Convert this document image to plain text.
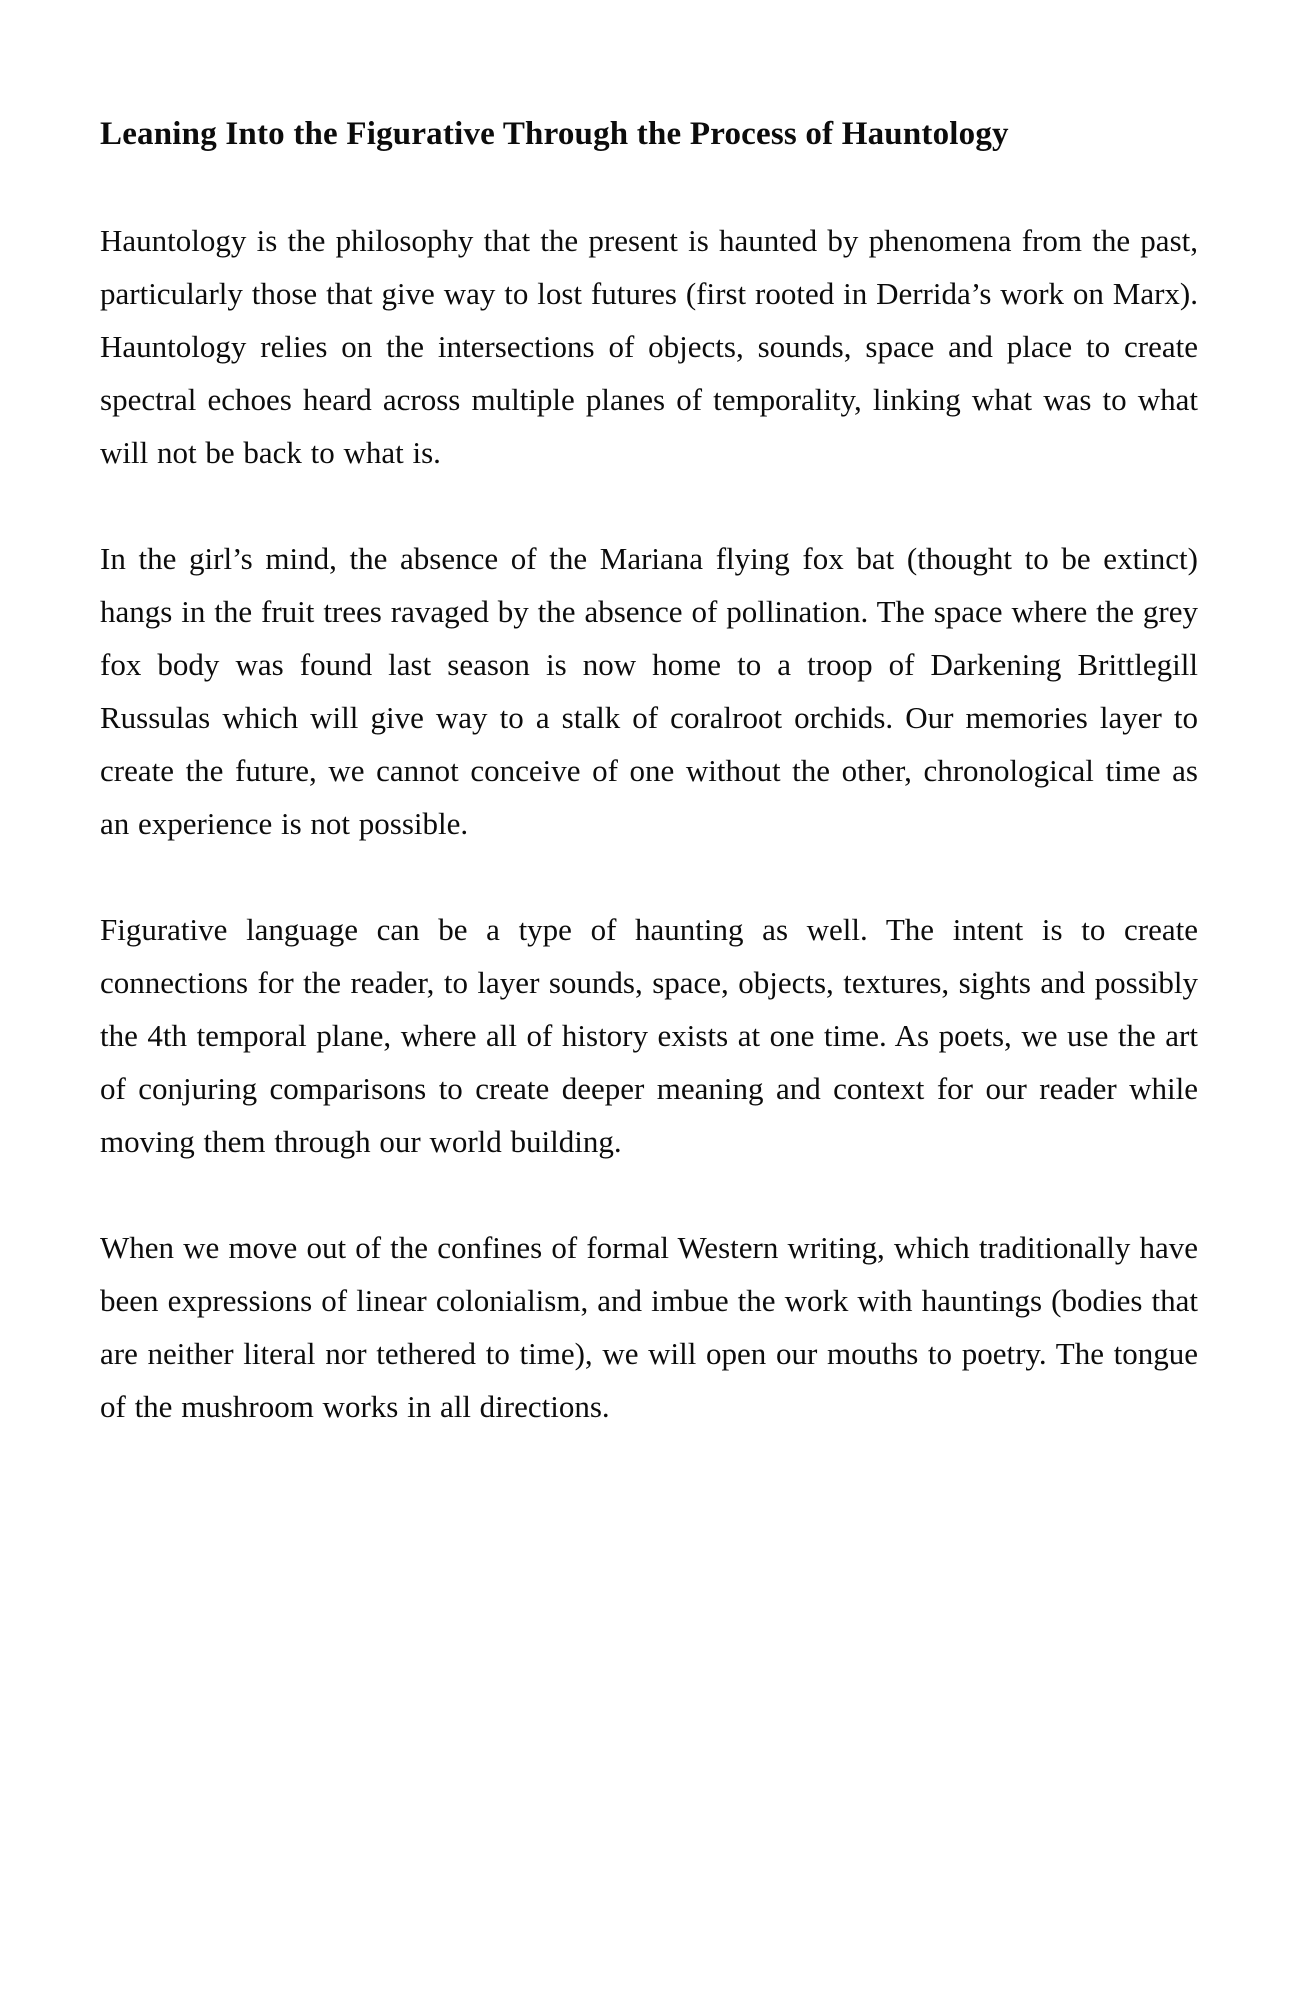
Leaning Into the Figurative Through the Process of Hauntology

Hauntology is the philosophy that the present is haunted by phenomena from the past, particularly those that give way to lost futures (first rooted in Derrida’s work on Marx). Hauntology relies on the intersections of objects, sounds, space and place to create spectral echoes heard across multiple planes of temporality, linking what was to what will not be back to what is.

In the girl’s mind, the absence of the Mariana flying fox bat (thought to be extinct) hangs in the fruit trees ravaged by the absence of pollination. The space where the grey fox body was found last season is now home to a troop of Darkening Brittlegill Russulas which will give way to a stalk of coralroot orchids. Our memories layer to create the future, we cannot conceive of one without the other, chronological time as an experience is not possible.

Figurative language can be a type of haunting as well. The intent is to create connections for the reader, to layer sounds, space, objects, textures, sights and possibly the 4th temporal plane, where all of history exists at one time. As poets, we use the art of conjuring comparisons to create deeper meaning and context for our reader while moving them through our world building.

When we move out of the confines of formal Western writing, which traditionally have been expressions of linear colonialism, and imbue the work with hauntings (bodies that are neither literal nor tethered to time), we will open our mouths to poetry. The tongue of the mushroom works in all directions.
